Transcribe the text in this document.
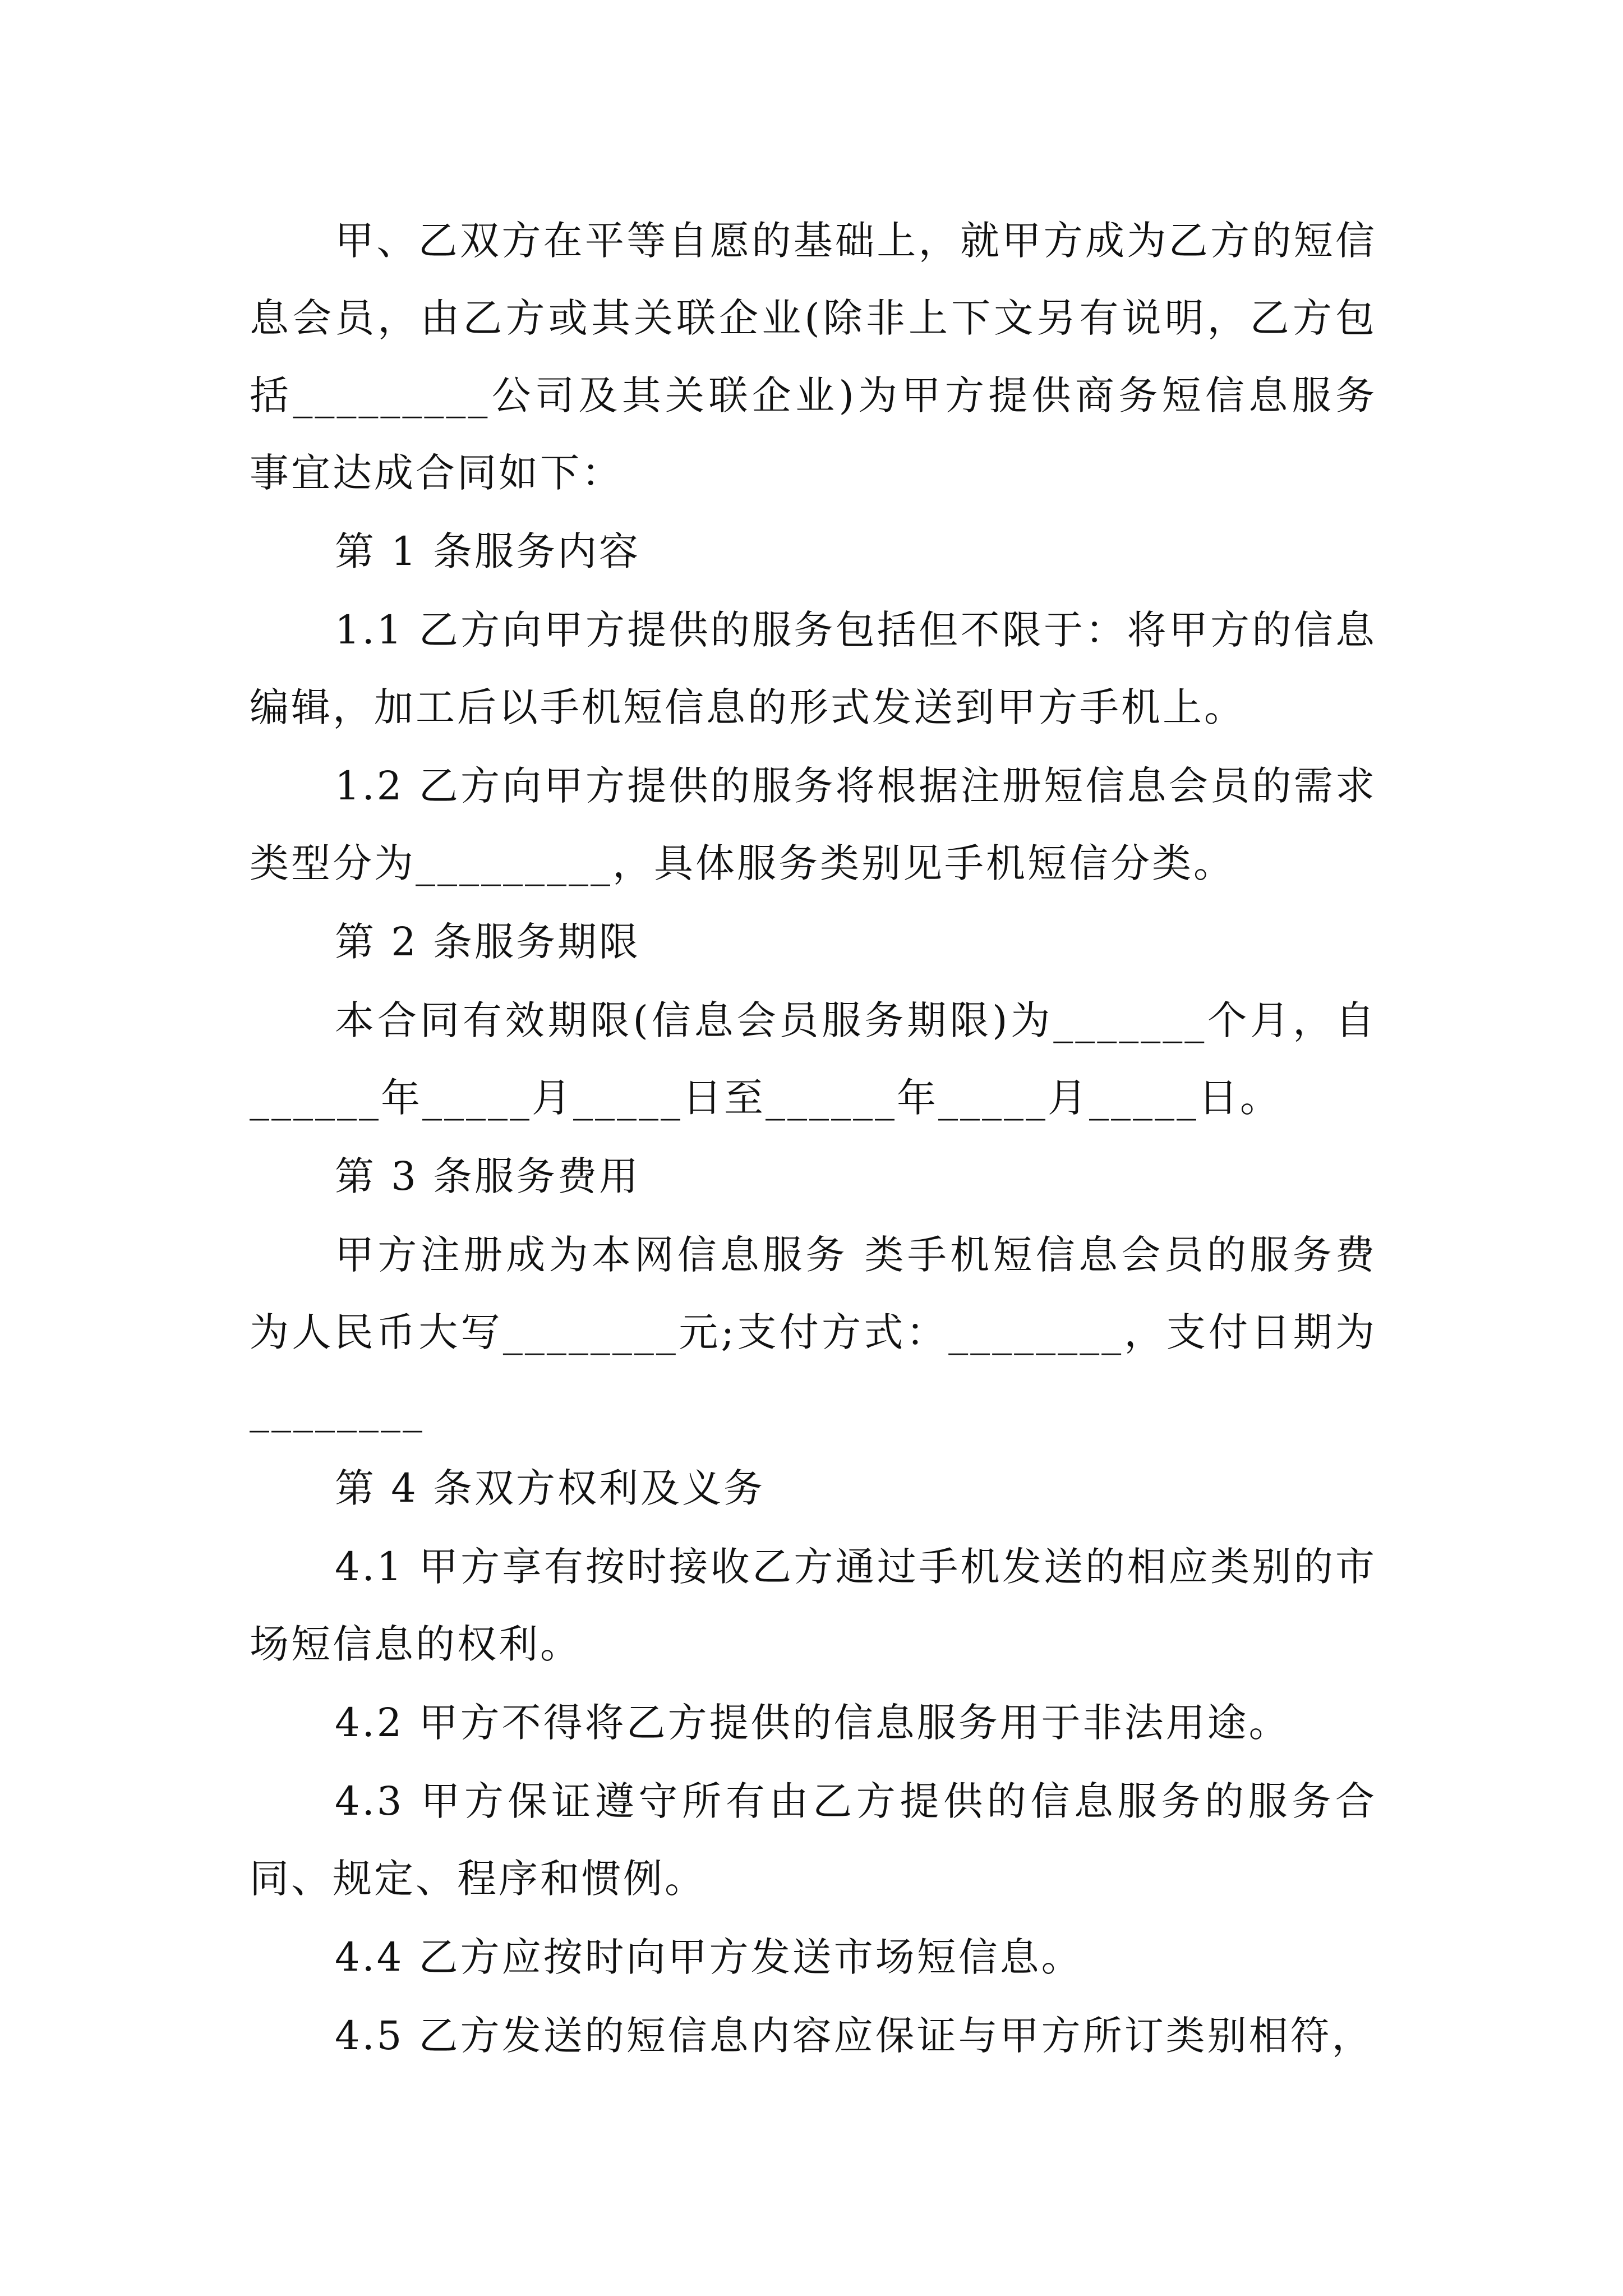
甲、乙双方在平等自愿的基础上，就甲方成为乙方的短信息会员，由乙方或其关联企业(除非上下文另有说明，乙方包括_________公司及其关联企业)为甲方提供商务短信息服务事宜达成合同如下：

第 1 条服务内容

1.1 乙方向甲方提供的服务包括但不限于：将甲方的信息编辑，加工后以手机短信息的形式发送到甲方手机上。

1.2 乙方向甲方提供的服务将根据注册短信息会员的需求类型分为_________，具体服务类别见手机短信分类。

第 2 条服务期限

本合同有效期限(信息会员服务期限)为_______个月，自______年_____月_____日至______年_____月_____日。

第 3 条服务费用

甲方注册成为本网信息服务 类手机短信息会员的服务费为人民币大写________元;支付方式：________，支付日期为________

第 4 条双方权利及义务

4.1 甲方享有按时接收乙方通过手机发送的相应类别的市场短信息的权利。

4.2 甲方不得将乙方提供的信息服务用于非法用途。

4.3 甲方保证遵守所有由乙方提供的信息服务的服务合同、规定、程序和惯例。

4.4 乙方应按时向甲方发送市场短信息。

4.5 乙方发送的短信息内容应保证与甲方所订类别相符，
